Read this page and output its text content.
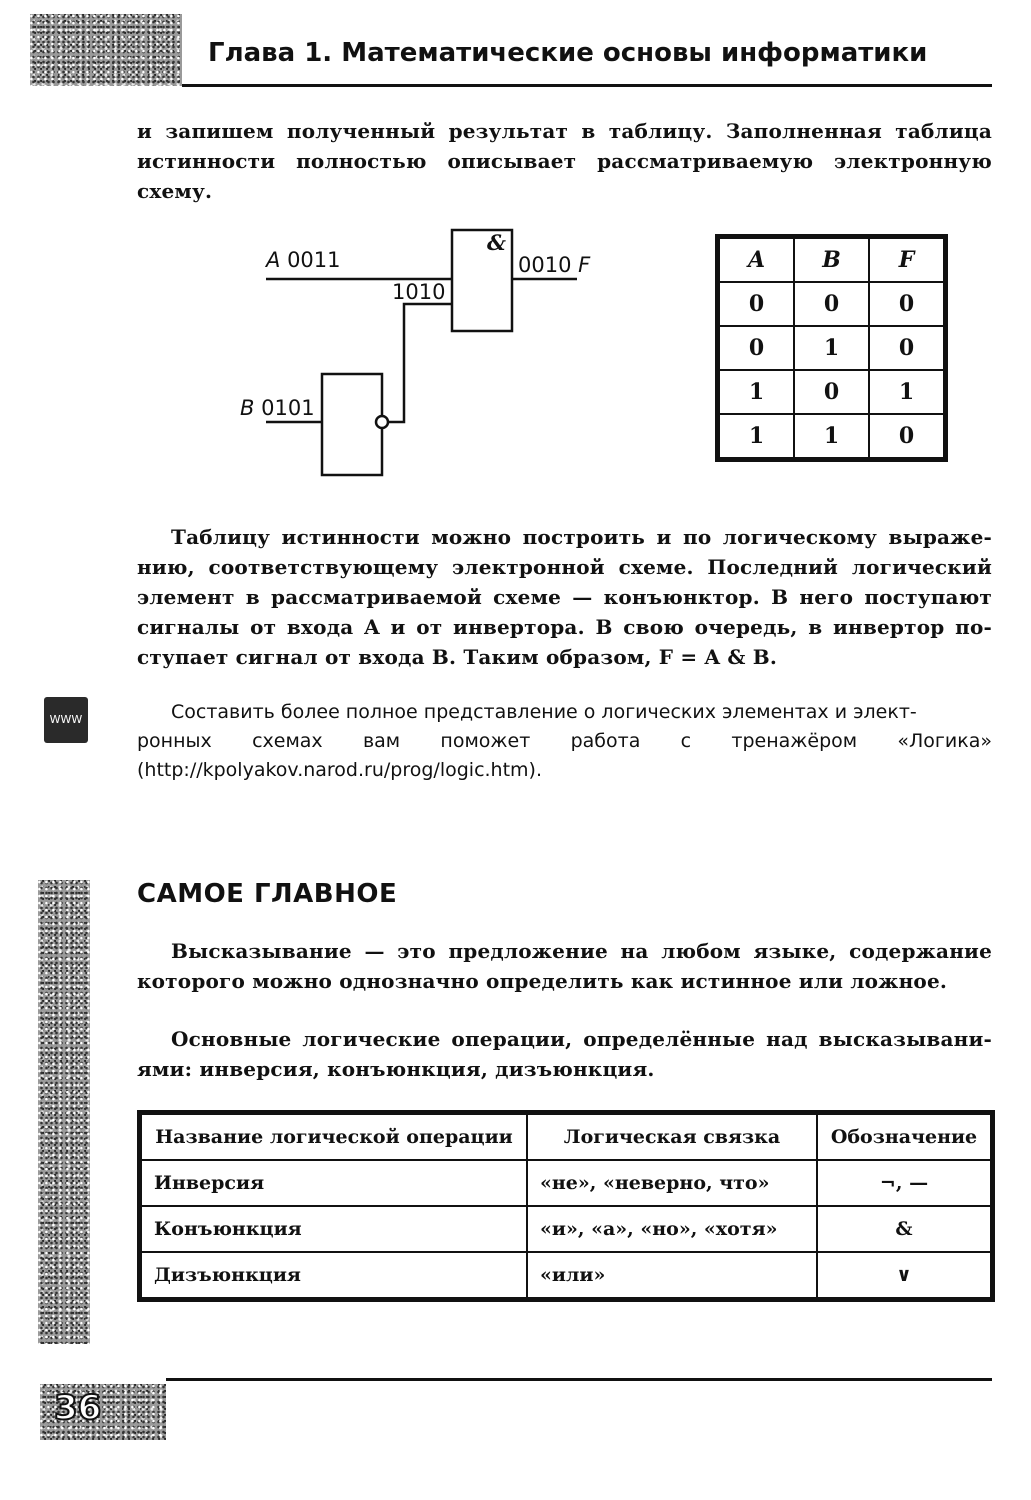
Глава 1. Математические основы информатики
и запишем полученный результат в таблицу. Заполненная таблица
истинности полностью описывает рассматриваемую электронную
схему.
A 0011
1010
&
0010 F
B 0101
A	B	F
0	0	0
0	1	0
1	0	1
1	1	0
Таблицу истинности можно построить и по логическому выраже-
нию, соответствующему электронной схеме. Последний логический
элемент в рассматриваемой схеме — конъюнктор. В него поступают
сигналы от входа A и от инвертора. В свою очередь, в инвертор по-
ступает сигнал от входа B. Таким образом, F = A & B.
WWW	Составить более полное представление о логических элементах и элект-
ронных схемах вам поможет работа с тренажёром «Логика»
(http://kpolyakov.narod.ru/prog/logic.htm).
САМОЕ ГЛАВНОЕ
Высказывание — это предложение на любом языке, содержание
которого можно однозначно определить как истинное или ложное.
Основные логические операции, определённые над высказывани-
ями: инверсия, конъюнкция, дизъюнкция.
Название логической операции	Логическая связка	Обозначение
Инверсия	«не», «неверно, что»	¬, —
Конъюнкция	«и», «а», «но», «хотя»	&
Дизъюнкция	«или»	∨
36
